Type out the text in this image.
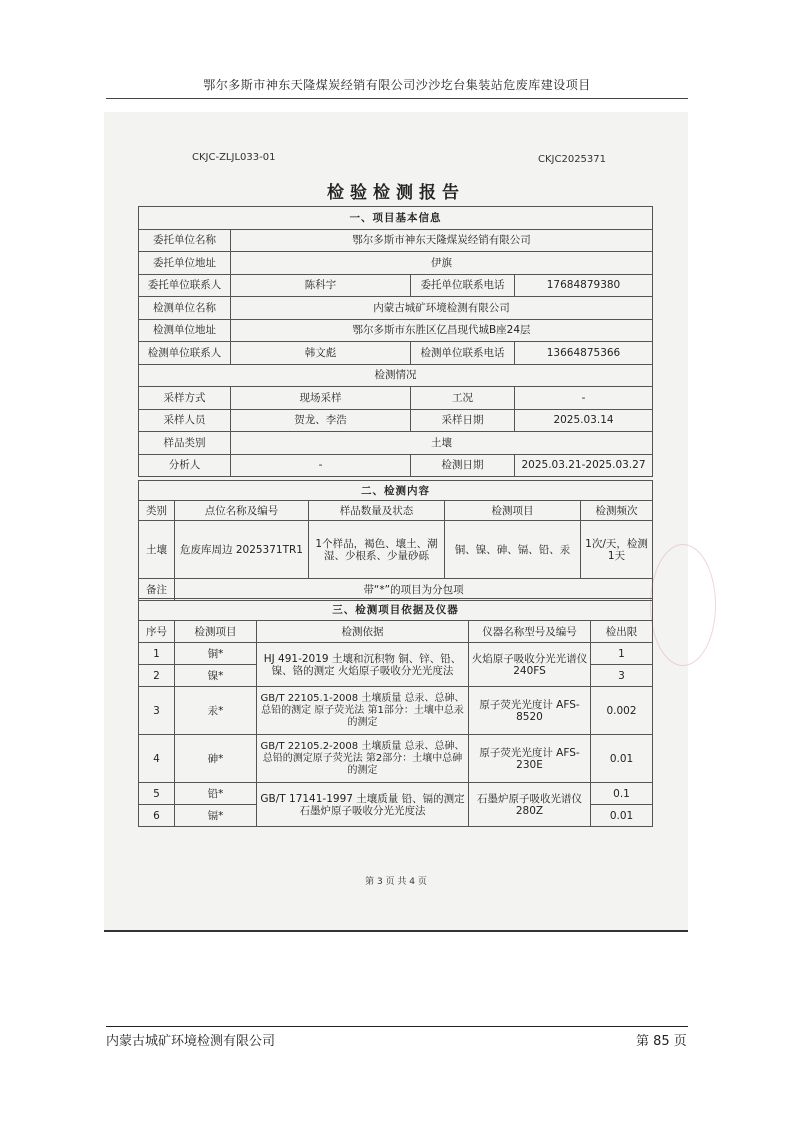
鄂尔多斯市神东天隆煤炭经销有限公司沙沙圪台集装站危废库建设项目
CKJC-ZLJL033-01	CKJC2025371
检验检测报告
一、项目基本信息			
委托单位名称	鄂尔多斯市神东天隆煤炭经销有限公司		
委托单位地址	伊旗		
委托单位联系人	陈科宇	委托单位联系电话	17684879380
检测单位名称	内蒙古城矿环境检测有限公司		
检测单位地址	鄂尔多斯市东胜区亿昌现代城B座24层		
检测单位联系人	韩文彪	检测单位联系电话	13664875366
检测情况			
采样方式	现场采样	工况	-
采样人员	贺龙、李浩	采样日期	2025.03.14
样品类别	土壤		
分析人	-	检测日期	2025.03.21-2025.03.27
二、检测内容				
类别	点位名称及编号	样品数量及状态	检测项目	检测频次
土壤	危废库周边 2025371TR1	1个样品，褐色、壤土、潮湿、少根系、少量砂砾	铜、镍、砷、镉、铅、汞	1次/天，检测1天
备注	带“*”的项目为分包项			
三、检测项目依据及仪器				
序号	检测项目	检测依据	仪器名称型号及编号	检出限
1	铜*	HJ 491-2019 土壤和沉积物 铜、锌、铅、镍、铬的测定 火焰原子吸收分光光度法	火焰原子吸收分光光谱仪 240FS	1
2	镍*			3
3	汞*	GB/T 22105.1-2008 土壤质量 总汞、总砷、总铅的测定 原子荧光法 第1部分：土壤中总汞的测定	原子荧光光度计 AFS-8520	0.002
4	砷*	GB/T 22105.2-2008 土壤质量 总汞、总砷、总铅的测定原子荧光法 第2部分：土壤中总砷的测定	原子荧光光度计 AFS-230E	0.01
5	铅*	GB/T 17141-1997 土壤质量 铅、镉的测定石墨炉原子吸收分光光度法	石墨炉原子吸收光谱仪 280Z	0.1
6	镉*			0.01
第 3 页 共 4 页
内蒙古城矿环境检测有限公司	第 85 页
